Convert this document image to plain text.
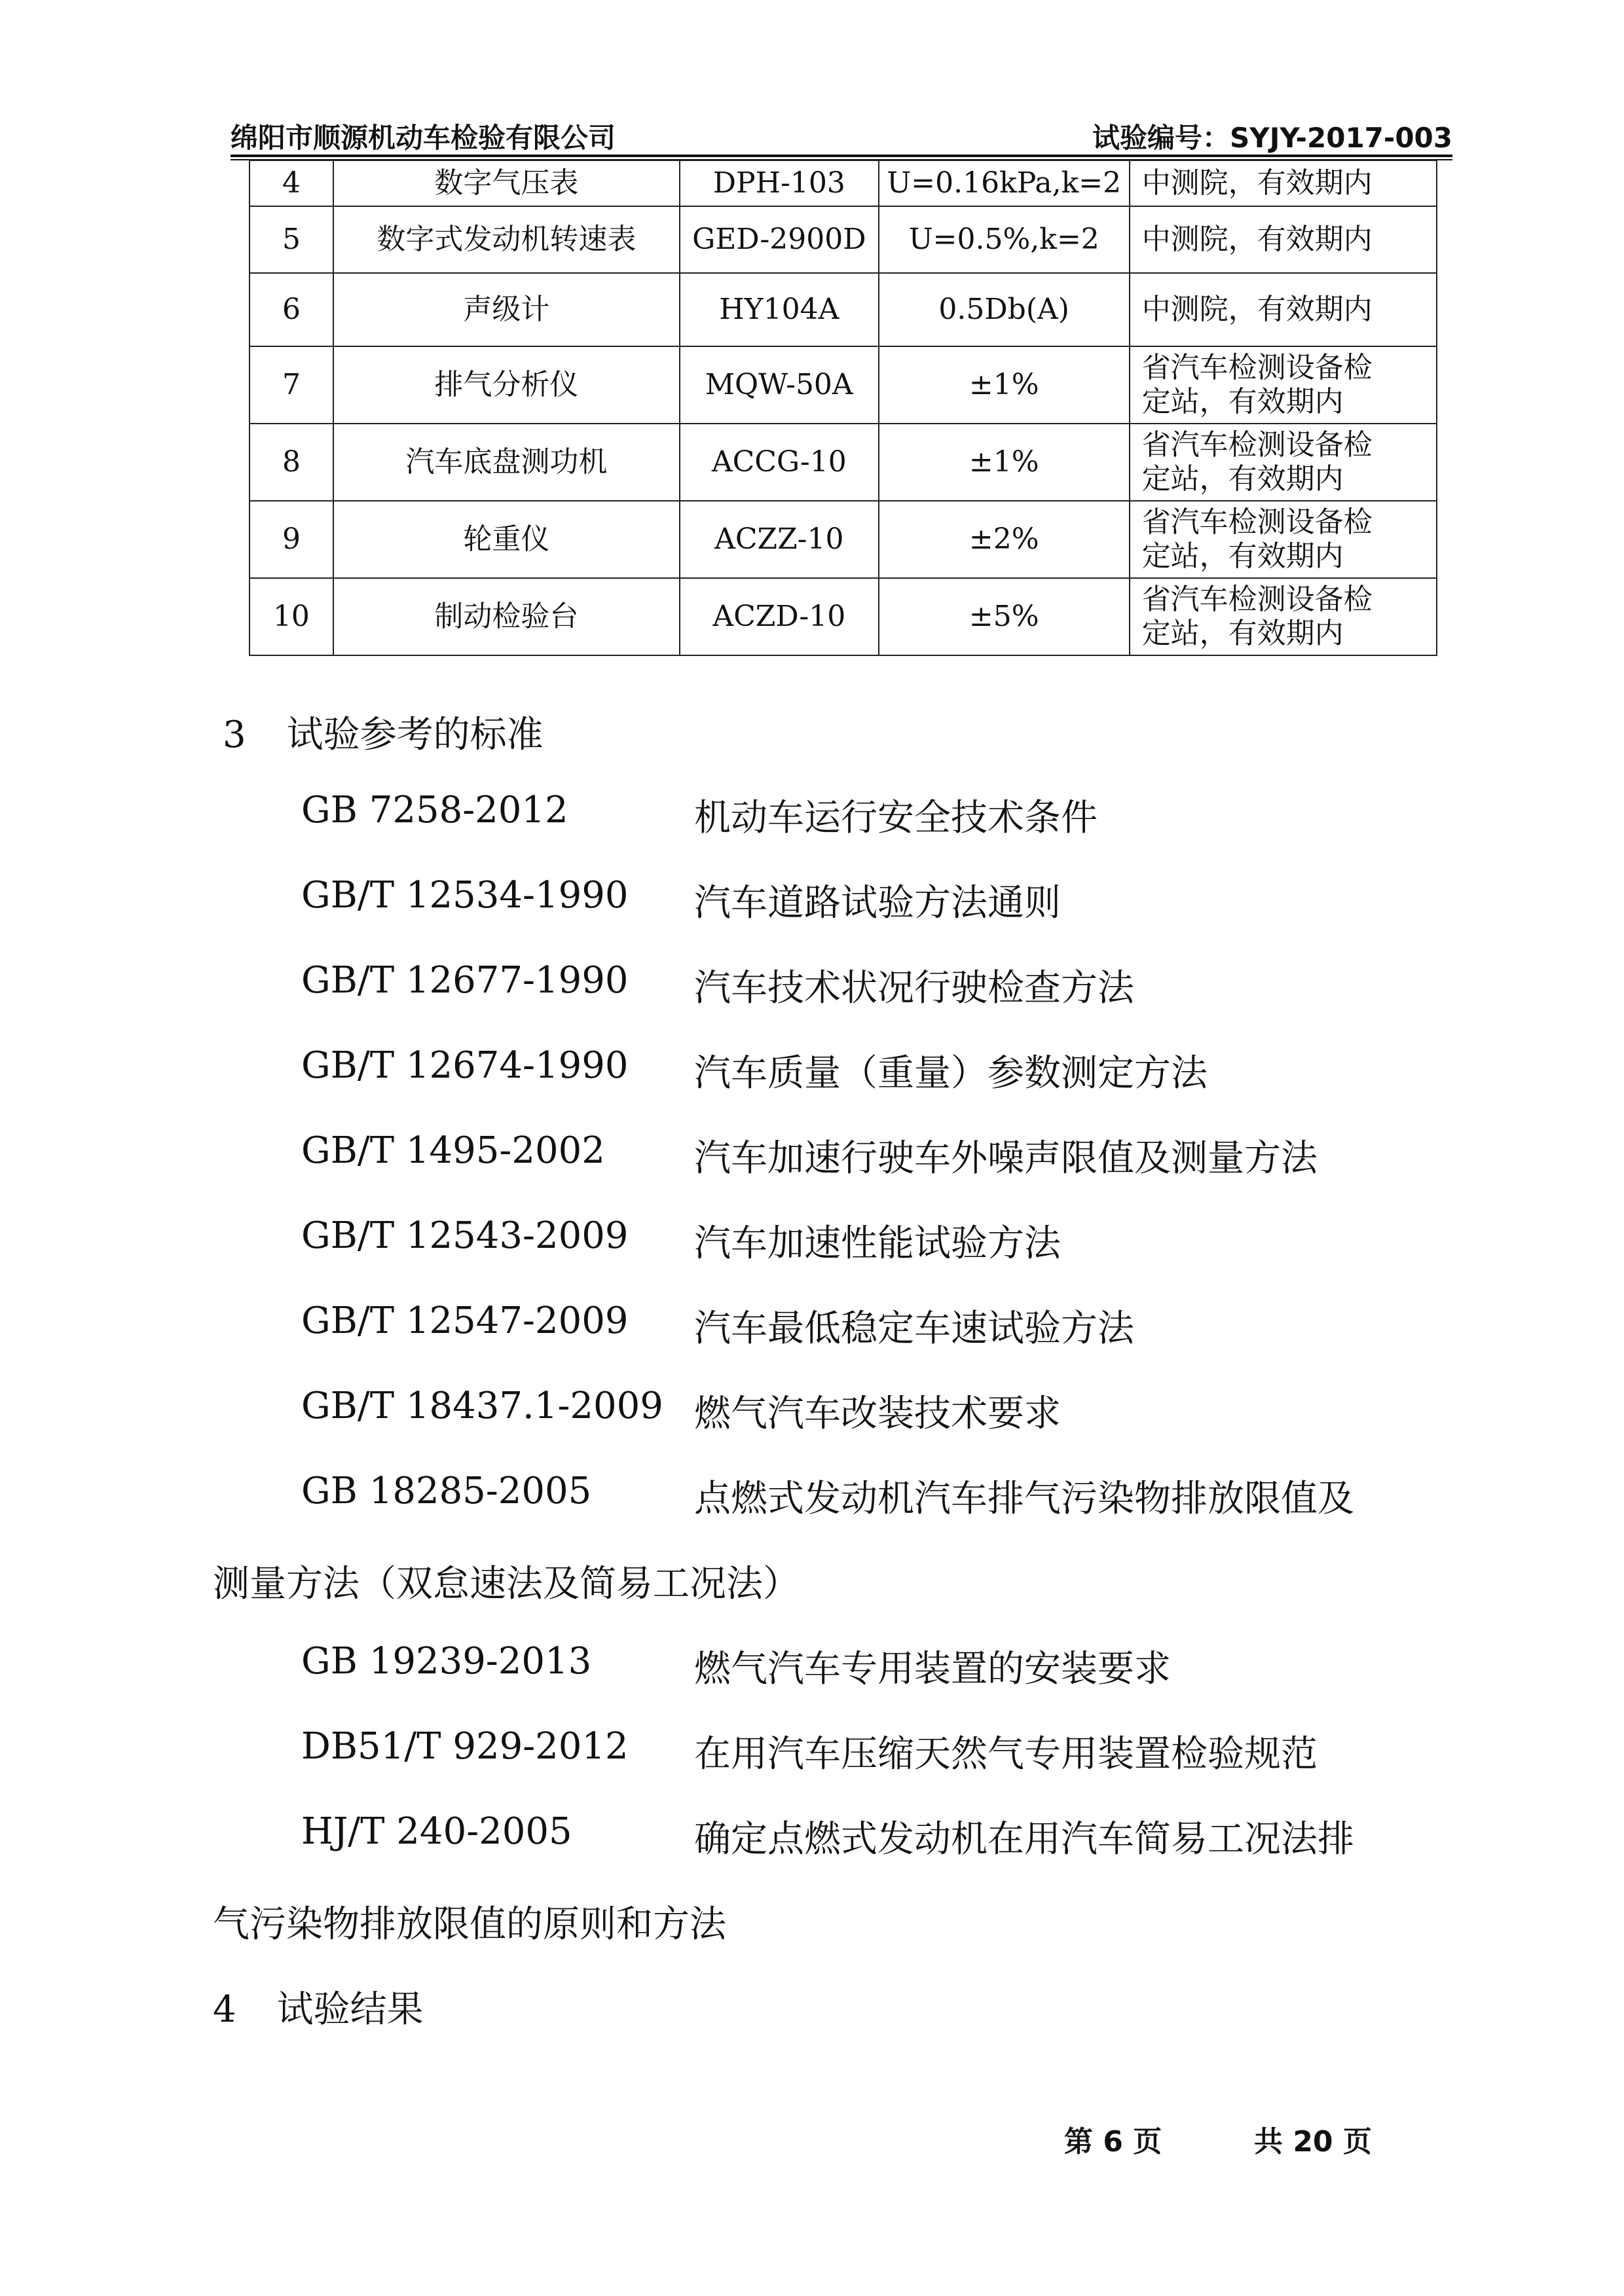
绵阳市顺源机动车检验有限公司	试验编号：SYJY-2017-003
4	数字气压表	DPH-103	U=0.16kPa,k=2	中测院，有效期内
5	数字式发动机转速表	GED-2900D	U=0.5%,k=2	中测院，有效期内
6	声级计	HY104A	0.5Db(A)	中测院，有效期内
7	排气分析仪	MQW-50A	±1%	省汽车检测设备检
定站，有效期内
8	汽车底盘测功机	ACCG-10	±1%	省汽车检测设备检
定站，有效期内
9	轮重仪	ACZZ-10	±2%	省汽车检测设备检
定站，有效期内
10	制动检验台	ACZD-10	±5%	省汽车检测设备检
定站，有效期内
3 试验参考的标准
GB 7258-2012	机动车运行安全技术条件
GB/T 12534-1990 汽车道路试验方法通则
GB/T 12677-1990 汽车技术状况行驶检查方法
GB/T 12674-1990 汽车质量（重量）参数测定方法
GB/T 1495-2002 汽车加速行驶车外噪声限值及测量方法
GB/T 12543-2009 汽车加速性能试验方法
GB/T 12547-2009 汽车最低稳定车速试验方法
GB/T 18437.1-2009 燃气汽车改装技术要求
GB 18285-2005	点燃式发动机汽车排气污染物排放限值及
测量方法（双怠速法及简易工况法）
GB 19239-2013	燃气汽车专用装置的安装要求
DB51/T 929-2012 在用汽车压缩天然气专用装置检验规范
HJ/T 240-2005	确定点燃式发动机在用汽车简易工况法排
气污染物排放限值的原则和方法
4 试验结果
第 6 页	共 20 页
